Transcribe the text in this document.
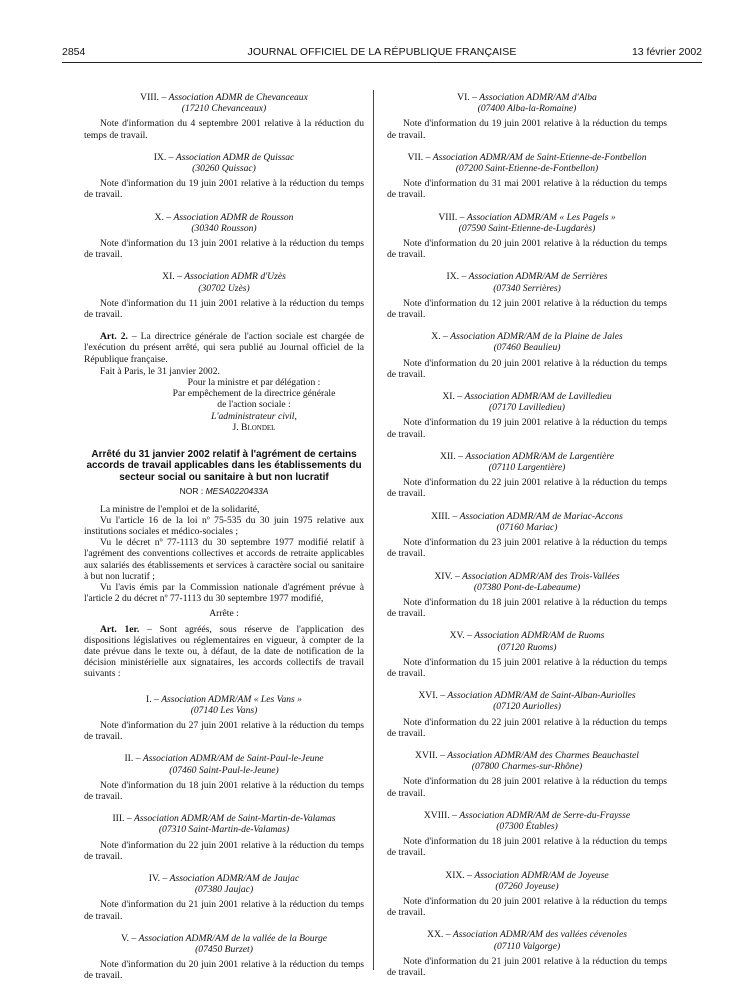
2854	JOURNAL OFFICIEL DE LA RÉPUBLIQUE FRANÇAISE	13 février 2002
VIII. – Association ADMR de Chevanceaux
(17210 Chevanceaux)
Note d'information du 4 septembre 2001 relative à la réduction du temps de travail.
IX. – Association ADMR de Quissac
(30260 Quissac)
Note d'information du 19 juin 2001 relative à la réduction du temps de travail.
X. – Association ADMR de Rousson
(30340 Rousson)
Note d'information du 13 juin 2001 relative à la réduction du temps de travail.
XI. – Association ADMR d'Uzès
(30702 Uzès)
Note d'information du 11 juin 2001 relative à la réduction du temps de travail.

Art. 2. – La directrice générale de l'action sociale est chargée de l'exécution du présent arrêté, qui sera publié au Journal officiel de la République française.

Fait à Paris, le 31 janvier 2002.

Pour la ministre et par délégation :
Par empêchement de la directrice générale
de l'action sociale :
L'administrateur civil,
J. Blondel
Arrêté du 31 janvier 2002 relatif à l'agrément de certains accords de travail applicables dans les établissements du secteur social ou sanitaire à but non lucratif
NOR : MESA0220433A

La ministre de l'emploi et de la solidarité,

Vu l'article 16 de la loi nº 75-535 du 30 juin 1975 relative aux institutions sociales et médico-sociales ;

Vu le décret nº 77-1113 du 30 septembre 1977 modifié relatif à l'agrément des conventions collectives et accords de retraite applicables aux salariés des établissements et services à caractère social ou sanitaire à but non lucratif ;

Vu l'avis émis par la Commission nationale d'agrément prévue à l'article 2 du décret nº 77-1113 du 30 septembre 1977 modifié,

Arrête :

Art. 1er. – Sont agréés, sous réserve de l'application des dispositions législatives ou réglementaires en vigueur, à compter de la date prévue dans le texte ou, à défaut, de la date de notification de la décision ministérielle aux signataires, les accords collectifs de travail suivants :

I. – Association ADMR/AM « Les Vans »
(07140 Les Vans)
Note d'information du 27 juin 2001 relative à la réduction du temps de travail.
II. – Association ADMR/AM de Saint-Paul-le-Jeune
(07460 Saint-Paul-le-Jeune)
Note d'information du 18 juin 2001 relative à la réduction du temps de travail.
III. – Association ADMR/AM de Saint-Martin-de-Valamas
(07310 Saint-Martin-de-Valamas)
Note d'information du 22 juin 2001 relative à la réduction du temps de travail.
IV. – Association ADMR/AM de Jaujac
(07380 Jaujac)
Note d'information du 21 juin 2001 relative à la réduction du temps de travail.
V. – Association ADMR/AM de la vallée de la Bourge
(07450 Burzet)
Note d'information du 20 juin 2001 relative à la réduction du temps de travail.
VI. – Association ADMR/AM d'Alba
(07400 Alba-la-Romaine)
Note d'information du 19 juin 2001 relative à la réduction du temps de travail.
VII. – Association ADMR/AM de Saint-Etienne-de-Fontbellon
(07200 Saint-Etienne-de-Fontbellon)
Note d'information du 31 mai 2001 relative à la réduction du temps de travail.
VIII. – Association ADMR/AM « Les Pagels »
(07590 Saint-Etienne-de-Lugdarès)
Note d'information du 20 juin 2001 relative à la réduction du temps de travail.
IX. – Association ADMR/AM de Serrières
(07340 Serrières)
Note d'information du 12 juin 2001 relative à la réduction du temps de travail.
X. – Association ADMR/AM de la Plaine de Jales
(07460 Beaulieu)
Note d'information du 20 juin 2001 relative à la réduction du temps de travail.
XI. – Association ADMR/AM de Lavilledieu
(07170 Lavilledieu)
Note d'information du 19 juin 2001 relative à la réduction du temps de travail.
XII. – Association ADMR/AM de Largentière
(07110 Largentière)
Note d'information du 22 juin 2001 relative à la réduction du temps de travail.
XIII. – Association ADMR/AM de Mariac-Accons
(07160 Mariac)
Note d'information du 23 juin 2001 relative à la réduction du temps de travail.
XIV. – Association ADMR/AM des Trois-Vallées
(07380 Pont-de-Labeaume)
Note d'information du 18 juin 2001 relative à la réduction du temps de travail.
XV. – Association ADMR/AM de Ruoms
(07120 Ruoms)
Note d'information du 15 juin 2001 relative à la réduction du temps de travail.
XVI. – Association ADMR/AM de Saint-Alban-Auriolles
(07120 Auriolles)
Note d'information du 22 juin 2001 relative à la réduction du temps de travail.
XVII. – Association ADMR/AM des Charmes Beauchastel
(07800 Charmes-sur-Rhône)
Note d'information du 28 juin 2001 relative à la réduction du temps de travail.
XVIII. – Association ADMR/AM de Serre-du-Fraysse
(07300 Étables)
Note d'information du 18 juin 2001 relative à la réduction du temps de travail.
XIX. – Association ADMR/AM de Joyeuse
(07260 Joyeuse)
Note d'information du 20 juin 2001 relative à la réduction du temps de travail.
XX. – Association ADMR/AM des vallées cévenoles
(07110 Valgorge)
Note d'information du 21 juin 2001 relative à la réduction du temps de travail.
